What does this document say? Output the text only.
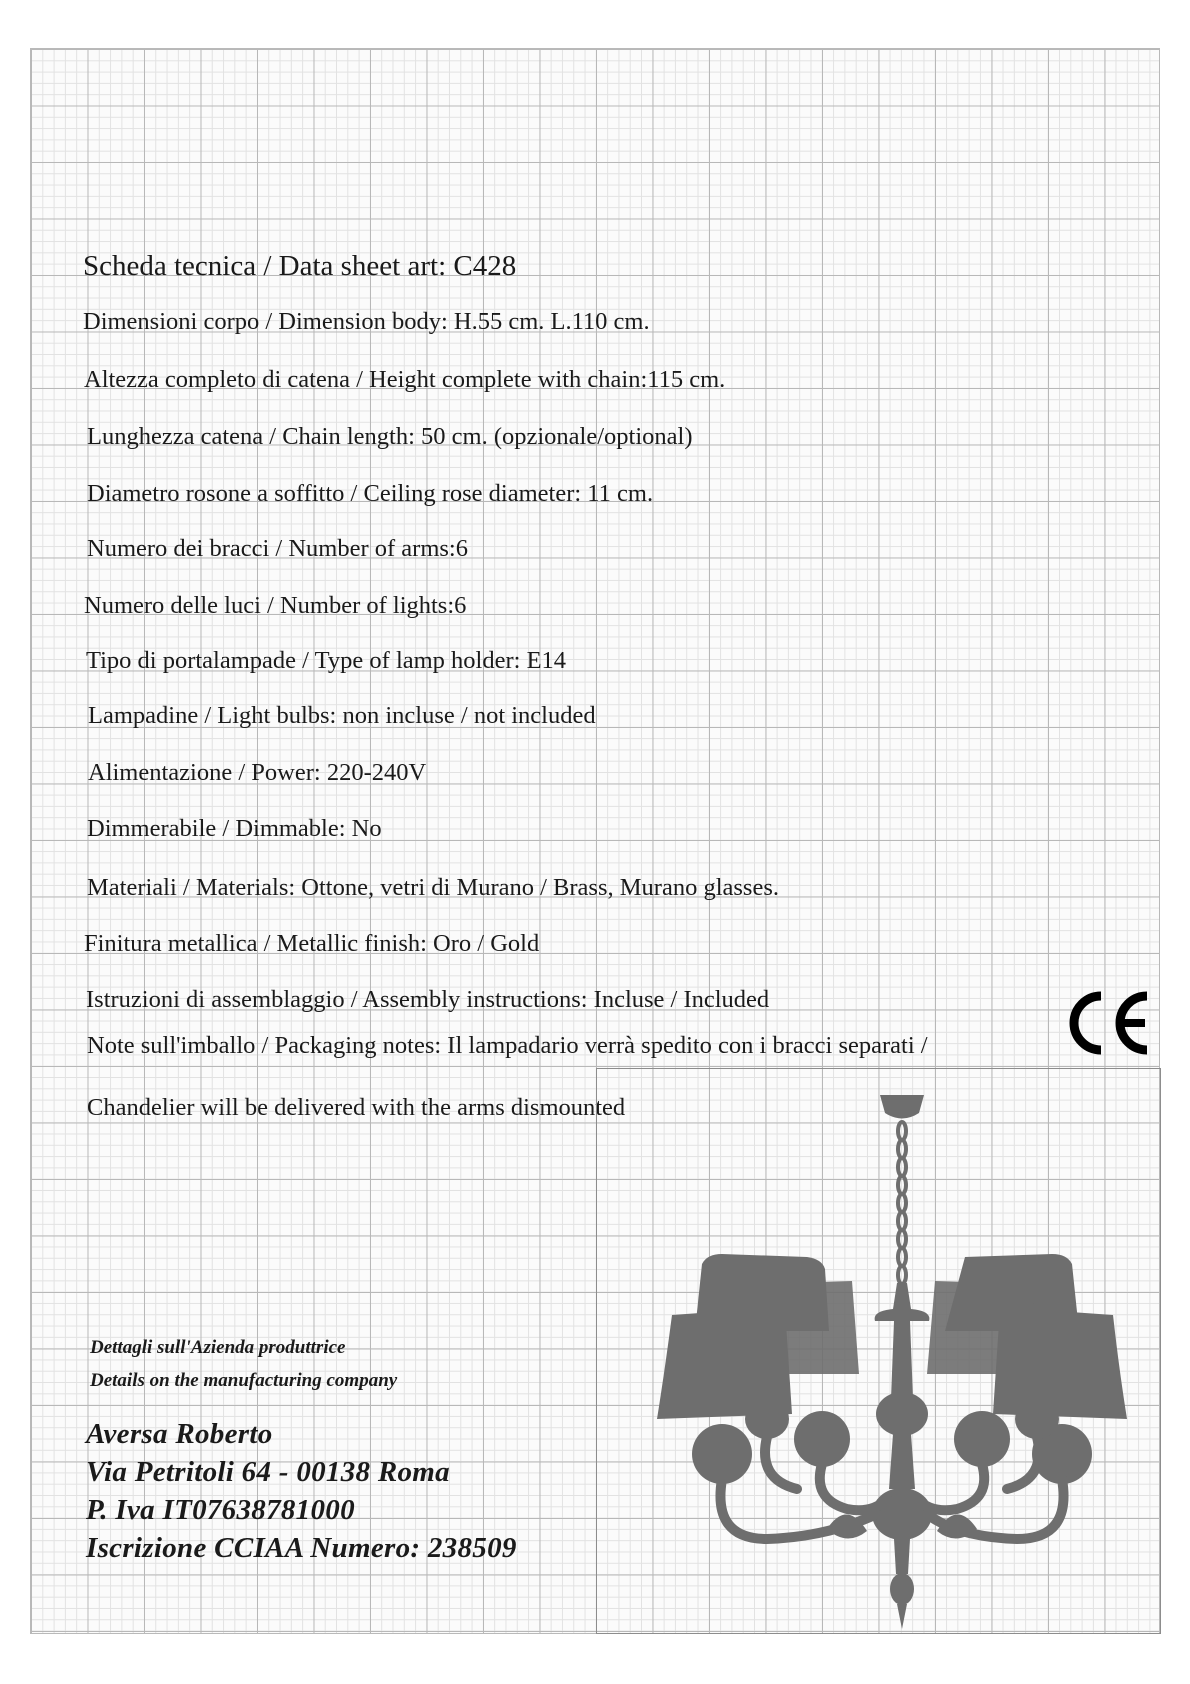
Scheda tecnica / Data sheet art: C428
Dimensioni corpo / Dimension body: H.55 cm. L.110 cm.
Altezza completo di catena / Height complete with chain:115 cm.
Lunghezza catena / Chain length: 50 cm. (opzionale/optional)
Diametro rosone a soffitto / Ceiling rose diameter: 11 cm.
Numero dei bracci / Number of arms:6
Numero delle luci / Number of lights:6
Tipo di portalampade / Type of lamp holder: E14
Lampadine / Light bulbs: non incluse / not included
Alimentazione / Power: 220-240V
Dimmerabile / Dimmable: No
Materiali / Materials: Ottone, vetri di Murano / Brass, Murano glasses.
Finitura metallica / Metallic finish: Oro / Gold
Istruzioni di assemblaggio / Assembly instructions: Incluse / Included
Note sull'imballo / Packaging notes: Il lampadario verrà spedito con i bracci separati /
Chandelier will be delivered with the arms dismounted
Dettagli sull'Azienda produttrice
Details on the manufacturing company
Aversa Roberto
Via Petritoli 64 - 00138 Roma
P. Iva IT07638781000
Iscrizione CCIAA Numero: 238509
